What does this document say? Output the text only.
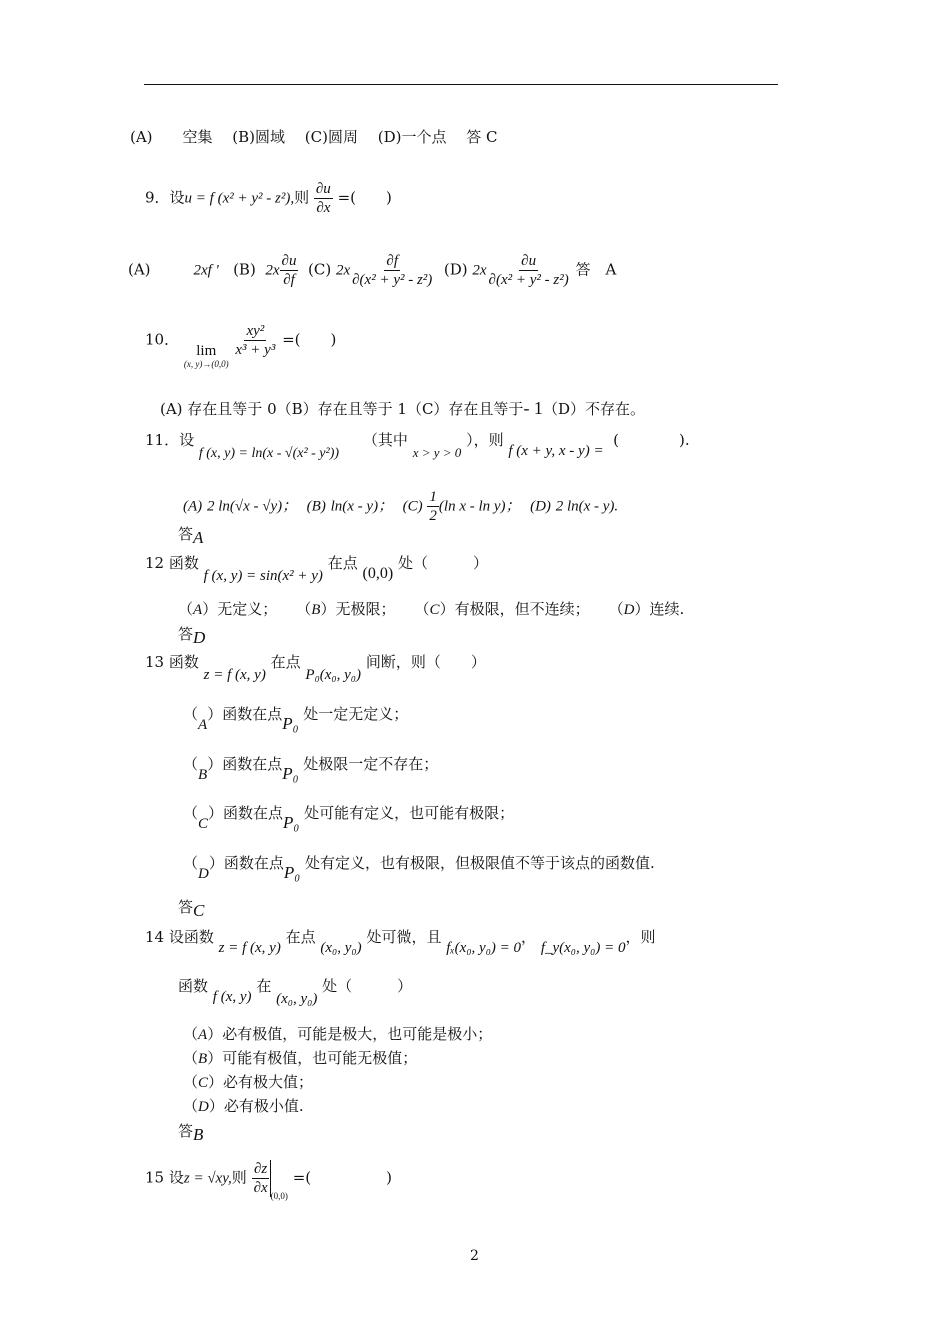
(A)　　空集　 (B)圆域　 (C)圆周　 (D)一个点　 答 C
9．设u = f (x² + y² - z²),则 $\frac{\partial u}{\partial x}$ =(　　)
(A)	2xf ' (B) $2x \frac{\partial u}{\partial f} (C)$ $2x \frac{\partial f}{\text{∂(x² + y² - z²)}} (D)$ $2x \frac{\partial u}{\text{∂(x² + y² - z²)}}$ 答　A
10．
lim
(x, y)→(0,0)

$\frac{\text{xy²}}{\text{x³ + y³}}$ =(　　)
(A) 存在且等于 0（B）存在且等于 1（C）存在且等于- 1（D）不存在。
11．设 f (x, y) = ln(x - √(x² - y²))     （其中 x > y > 0 ），则 f (x + y, x - y) =  (　　　　).
(A) 2 ln(√x - √y)； (B) ln(x - y)； $(C) \frac{1}{2} (\ln$ x - ln y)； (D) 2 ln(x - y).
答A
12 函数 f (x, y) = sin(x² + y) 在点 (0,0) 处（　　　）
（A）无定义；    （B）无极限；    （C）有极限，但不连续；    （D）连续.
答D
13 函数 z = f (x, y) 在点 P₀(x₀, y₀) 间断，则（　　）
（A）函数在点P₀ 处一定无定义；
（B）函数在点P₀ 处极限一定不存在；
（C）函数在点P₀ 处可能有定义，也可能有极限；
（D）函数在点P₀ 处有定义，也有极限，但极限值不等于该点的函数值.
答C
14 设函数 z = f (x, y) 在点 (x₀, y₀) 处可微，且 fₓ(x₀, y₀) = 0， f_y(x₀, y₀) = 0，则
函数 f (x, y) 在 (x₀, y₀) 处（　　　）
（A）必有极值，可能是极大，也可能是极小；
（B）可能有极值，也可能无极值；
（C）必有极大值；
（D）必有极小值.
答B
15 设z = √xy,则 $\frac{\partial z}{\partial x} _{(0,0)}$ =(　　　　　)
2
